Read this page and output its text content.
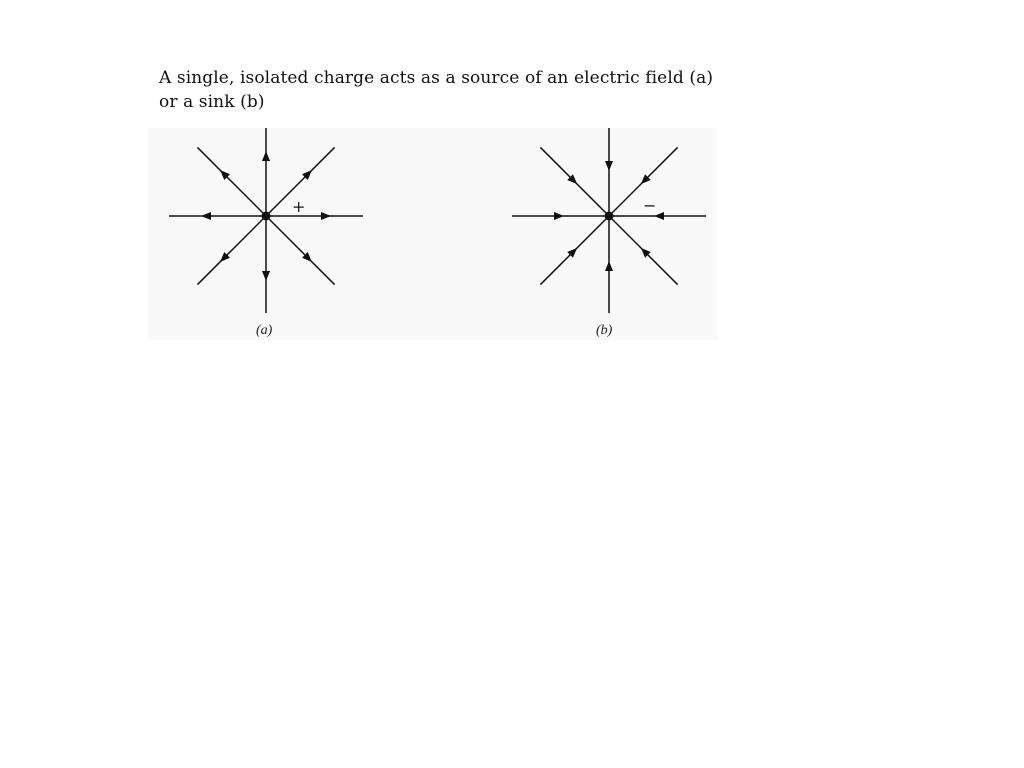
A single, isolated charge acts as a source of an electric field (a)
or a sink (b)
+
(a)
−
(b)
